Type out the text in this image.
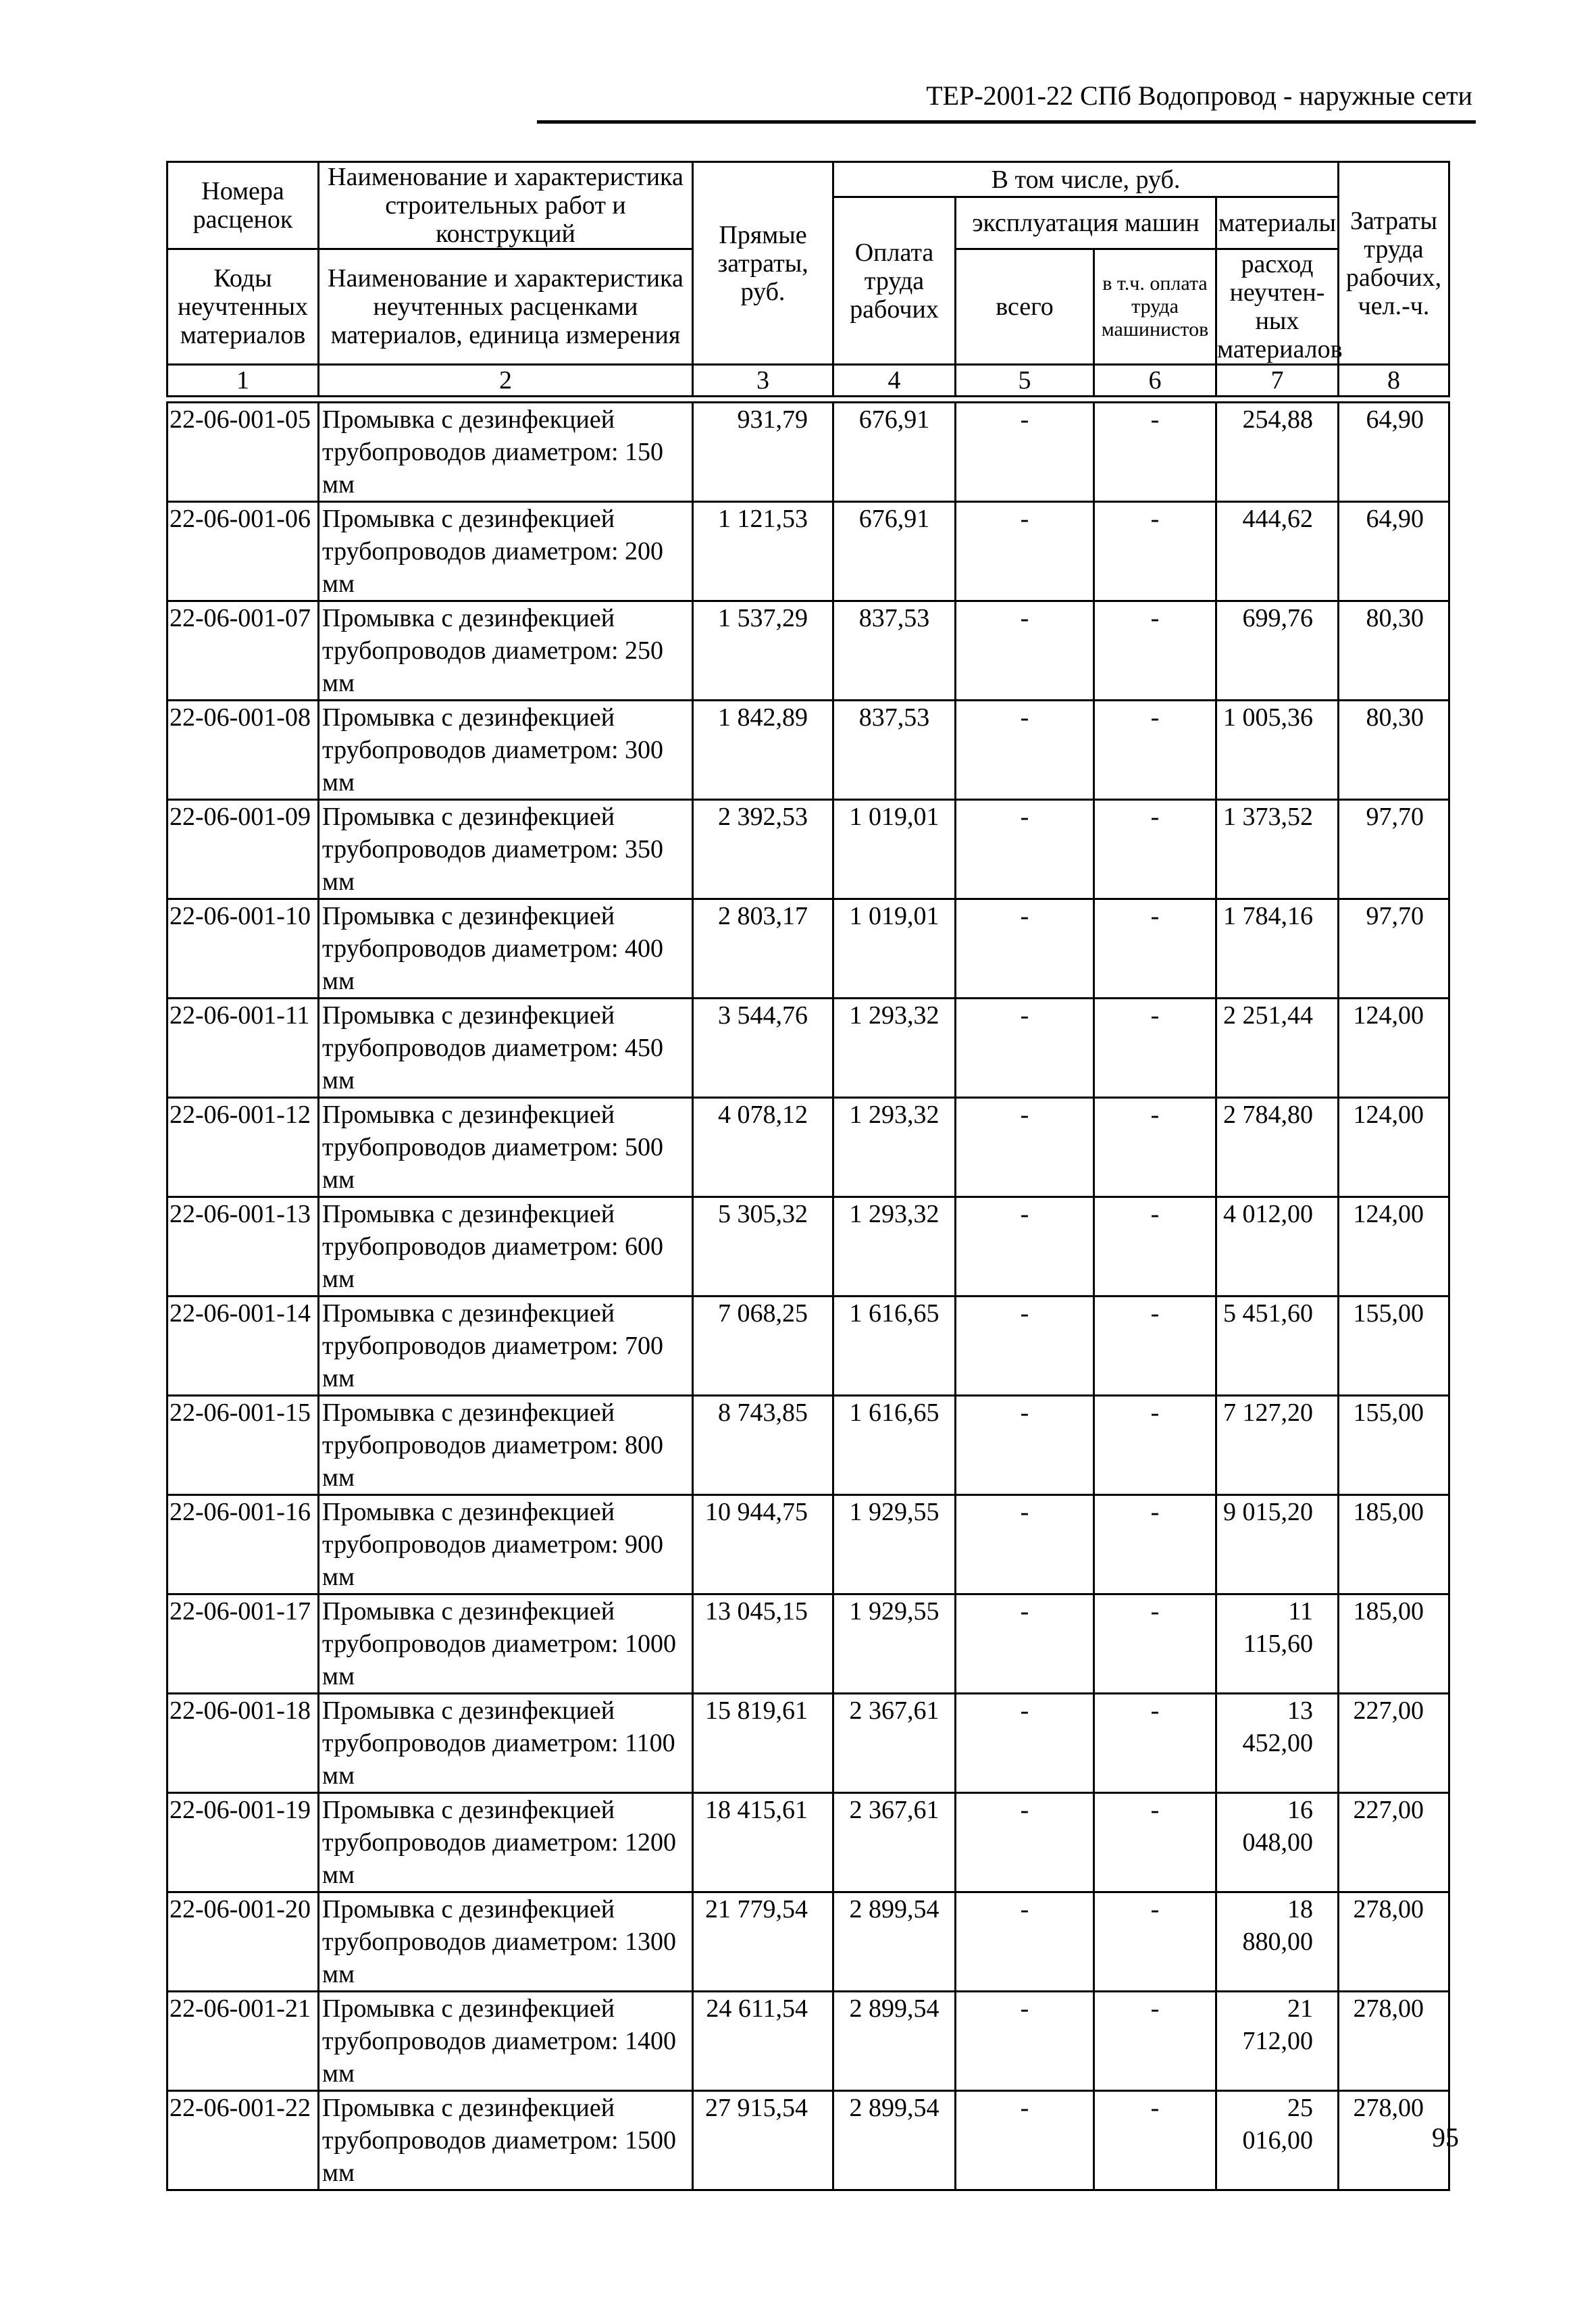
ТЕР-2001-22 СПб Водопровод - наружные сети
Номера расценок	Наименование и характеристика строительных работ и конструкций	Прямые затраты, руб.	В том числе, руб.				Затраты труда рабочих, чел.-ч.
			Оплата труда рабочих	эксплуатация машин		материалы	
Коды неучтенных материалов	Наименование и характеристика неучтенных расценками материалов, единица измерения			всего	в т.ч. оплата труда машинистов	расход неучтен-ных материалов	

1	2	3	4	5	6	7	8
22-06-001-05	Промывка с дезинфекцией трубопроводов диаметром: 150 мм	931,79	676,91	-	-	254,88	64,90
22-06-001-06	Промывка с дезинфекцией трубопроводов диаметром: 200 мм	1 121,53	676,91	-	-	444,62	64,90
22-06-001-07	Промывка с дезинфекцией трубопроводов диаметром: 250 мм	1 537,29	837,53	-	-	699,76	80,30
22-06-001-08	Промывка с дезинфекцией трубопроводов диаметром: 300 мм	1 842,89	837,53	-	-	1 005,36	80,30
22-06-001-09	Промывка с дезинфекцией трубопроводов диаметром: 350 мм	2 392,53	1 019,01	-	-	1 373,52	97,70
22-06-001-10	Промывка с дезинфекцией трубопроводов диаметром: 400 мм	2 803,17	1 019,01	-	-	1 784,16	97,70
22-06-001-11	Промывка с дезинфекцией трубопроводов диаметром: 450 мм	3 544,76	1 293,32	-	-	2 251,44	124,00
22-06-001-12	Промывка с дезинфекцией трубопроводов диаметром: 500 мм	4 078,12	1 293,32	-	-	2 784,80	124,00
22-06-001-13	Промывка с дезинфекцией трубопроводов диаметром: 600 мм	5 305,32	1 293,32	-	-	4 012,00	124,00
22-06-001-14	Промывка с дезинфекцией трубопроводов диаметром: 700 мм	7 068,25	1 616,65	-	-	5 451,60	155,00
22-06-001-15	Промывка с дезинфекцией трубопроводов диаметром: 800 мм	8 743,85	1 616,65	-	-	7 127,20	155,00
22-06-001-16	Промывка с дезинфекцией трубопроводов диаметром: 900 мм	10 944,75	1 929,55	-	-	9 015,20	185,00
22-06-001-17	Промывка с дезинфекцией трубопроводов диаметром: 1000 мм	13 045,15	1 929,55	-	-	11 115,60	185,00
22-06-001-18	Промывка с дезинфекцией трубопроводов диаметром: 1100 мм	15 819,61	2 367,61	-	-	13 452,00	227,00
22-06-001-19	Промывка с дезинфекцией трубопроводов диаметром: 1200 мм	18 415,61	2 367,61	-	-	16 048,00	227,00
22-06-001-20	Промывка с дезинфекцией трубопроводов диаметром: 1300 мм	21 779,54	2 899,54	-	-	18 880,00	278,00
22-06-001-21	Промывка с дезинфекцией трубопроводов диаметром: 1400 мм	24 611,54	2 899,54	-	-	21 712,00	278,00
22-06-001-22	Промывка с дезинфекцией трубопроводов диаметром: 1500 мм	27 915,54	2 899,54	-	-	25 016,00	278,00
95
